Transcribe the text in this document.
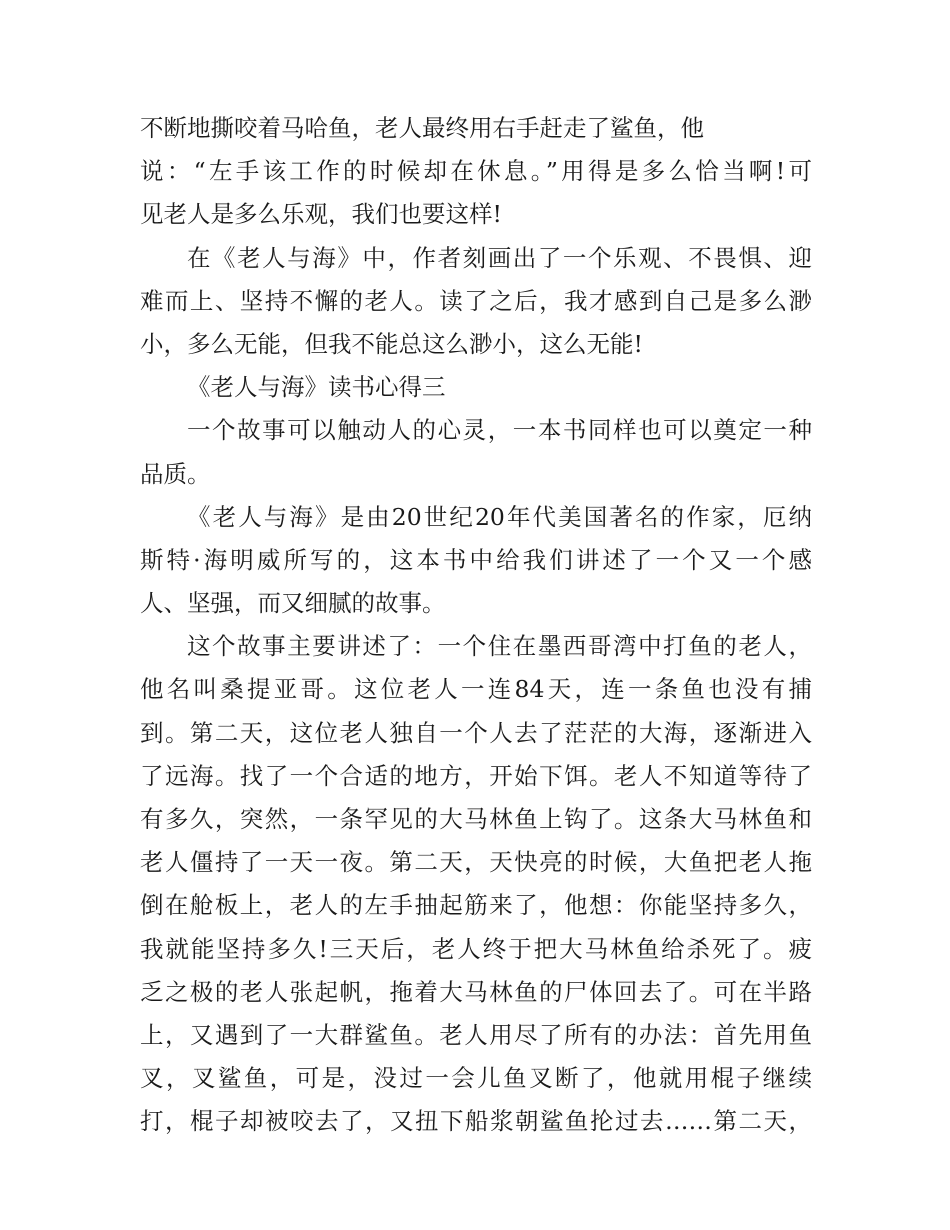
不断地撕咬着马哈鱼，老人最终用右手赶走了鲨鱼，他
说：“左手该工作的时候却在休息。”用得是多么恰当啊!可
见老人是多么乐观，我们也要这样!
在《老人与海》中，作者刻画出了一个乐观、不畏惧、迎
难而上、坚持不懈的老人。读了之后，我才感到自己是多么渺
小，多么无能，但我不能总这么渺小，这么无能!
《老人与海》读书心得三
一个故事可以触动人的心灵，一本书同样也可以奠定一种
品质。
《老人与海》是由20世纪20年代美国著名的作家，厄纳
斯特·海明威所写的，这本书中给我们讲述了一个又一个感
人、坚强，而又细腻的故事。
这个故事主要讲述了：一个住在墨西哥湾中打鱼的老人，
他名叫桑提亚哥。这位老人一连84天，连一条鱼也没有捕
到。第二天，这位老人独自一个人去了茫茫的大海，逐渐进入
了远海。找了一个合适的地方，开始下饵。老人不知道等待了
有多久，突然，一条罕见的大马林鱼上钩了。这条大马林鱼和
老人僵持了一天一夜。第二天，天快亮的时候，大鱼把老人拖
倒在舱板上，老人的左手抽起筋来了，他想：你能坚持多久，
我就能坚持多久!三天后，老人终于把大马林鱼给杀死了。疲
乏之极的老人张起帆，拖着大马林鱼的尸体回去了。可在半路
上，又遇到了一大群鲨鱼。老人用尽了所有的办法：首先用鱼
叉，叉鲨鱼，可是，没过一会儿鱼叉断了，他就用棍子继续
打，棍子却被咬去了，又扭下船浆朝鲨鱼抡过去……第二天，
